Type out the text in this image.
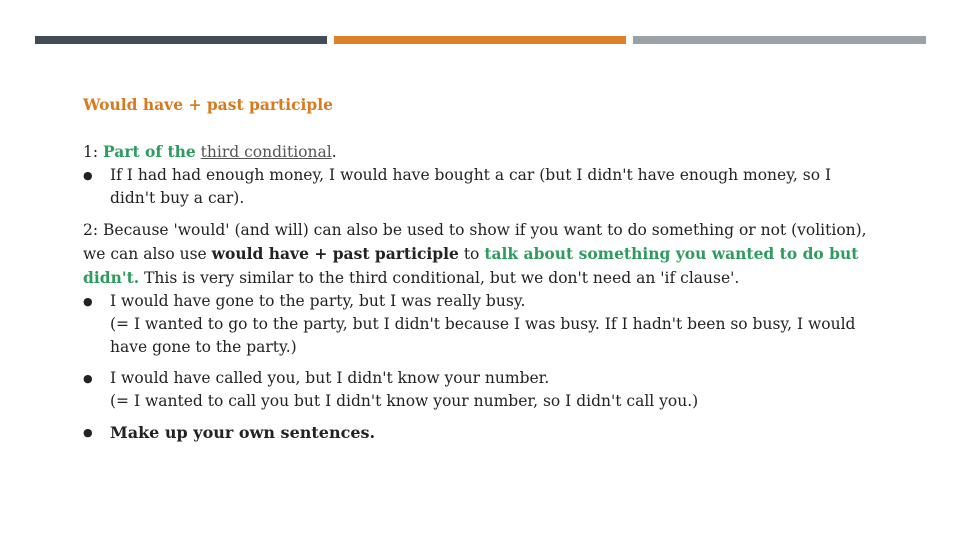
Would have + past participle

1: Part of the third conditional.

● If I had had enough money, I would have bought a car (but I didn't have enough money, so I
didn't buy a car).

2: Because 'would' (and will) can also be used to show if you want to do something or not (volition), we can also use would have + past participle to talk about something you wanted to do but didn't. This is very similar to the third conditional, but we don't need an 'if clause'.

● I would have gone to the party, but I was really busy.
(= I wanted to go to the party, but I didn't because I was busy. If I hadn't been so busy, I would
have gone to the party.)
● I would have called you, but I didn't know your number.
(= I wanted to call you but I didn't know your number, so I didn't call you.)
● Make up your own sentences.
